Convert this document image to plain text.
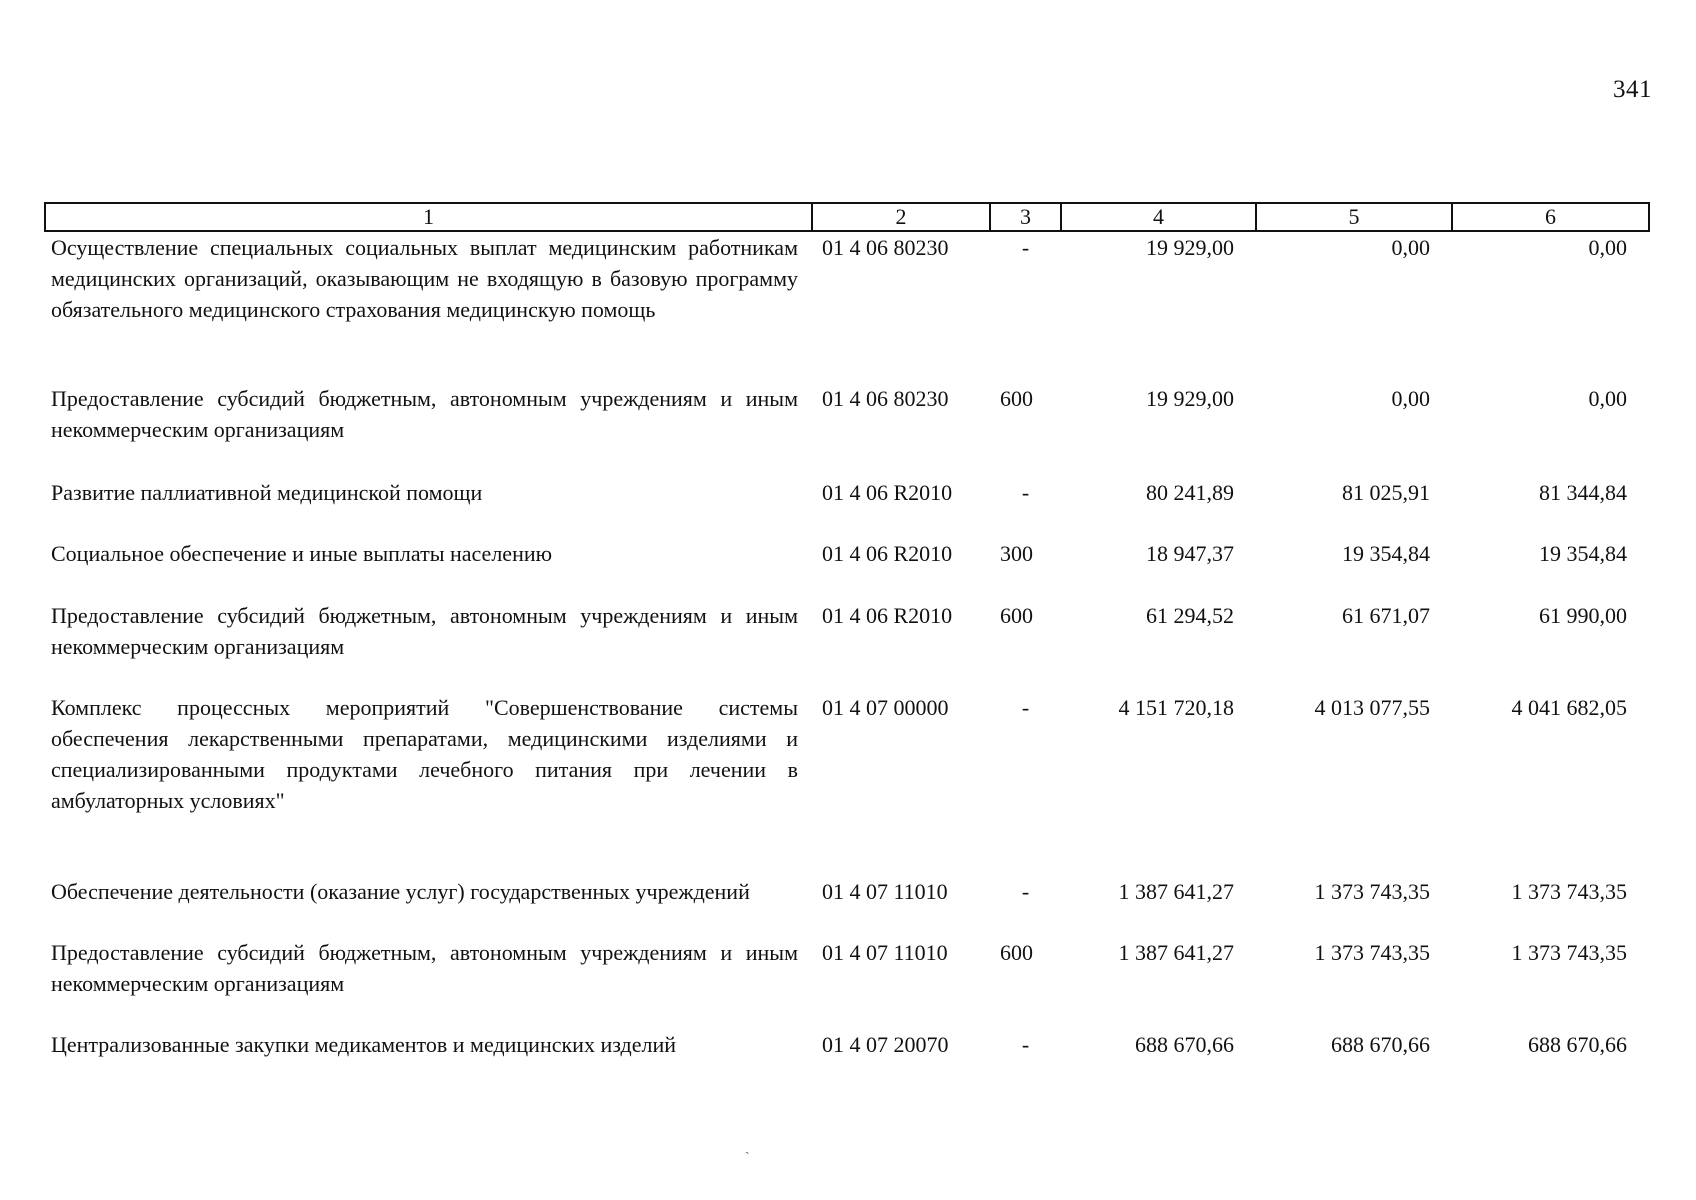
341
1	2	3	4	5	6
Осуществление специальных социальных выплат медицинским работникам медицинских организаций, оказывающим не входящую в базовую программу обязательного медицинского страхования медицинскую помощь	01 4 06 80230	-	19 929,00	0,00	0,00
Предоставление субсидий бюджетным, автономным учреждениям и иным некоммерческим организациям	01 4 06 80230	600	19 929,00	0,00	0,00
Развитие паллиативной медицинской помощи	01 4 06 R2010	-	80 241,89	81 025,91	81 344,84
Социальное обеспечение и иные выплаты населению	01 4 06 R2010	300	18 947,37	19 354,84	19 354,84
Предоставление субсидий бюджетным, автономным учреждениям и иным некоммерческим организациям	01 4 06 R2010	600	61 294,52	61 671,07	61 990,00
Комплекс процессных мероприятий "Совершенствование системы обеспечения лекарственными препаратами, медицинскими изделиями и специализированными продуктами лечебного питания при лечении в амбулаторных условиях"	01 4 07 00000	-	4 151 720,18	4 013 077,55	4 041 682,05
Обеспечение деятельности (оказание услуг) государственных учреждений	01 4 07 11010	-	1 387 641,27	1 373 743,35	1 373 743,35
Предоставление субсидий бюджетным, автономным учреждениям и иным некоммерческим организациям	01 4 07 11010	600	1 387 641,27	1 373 743,35	1 373 743,35
Централизованные закупки медикаментов и медицинских изделий	01 4 07 20070	-	688 670,66	688 670,66	688 670,66
ˎ
